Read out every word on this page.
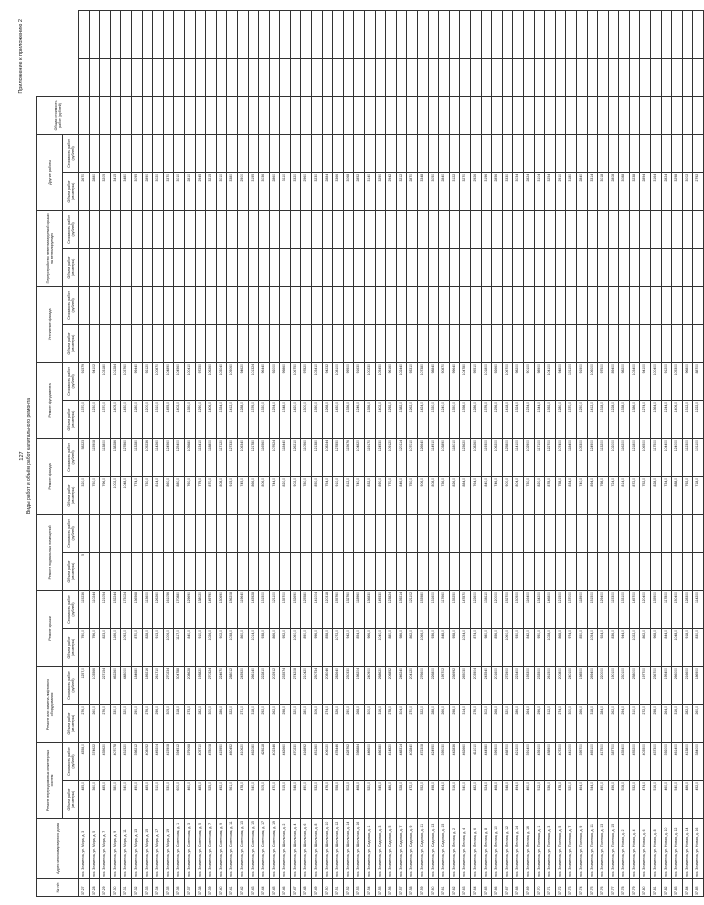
Приложение к приложению 2
127 Виды работ и объём работ капитального ремонта
№ п/п	Адрес многоквартирного дома	Ремонт внутридомовых инженерных систем		Ремонт или замена лифтового оборудования		Ремонт крыши		Ремонт подвальных помещений		Ремонт фасада		Ремонт фундамента		Утепление фасада		Переустройство невентилируемой крыши на вентилируемую		Другие работы		Общая стоимость работ (рублей)			
		Объем работ (кв.метры)	Стоимость работ (рублей)	Объем работ (кв.метры)	Стоимость работ (рублей)	Объем работ (кв.метры)	Стоимость работ (рублей)	Объем работ (кв.метры)	Стоимость работ (рублей)	Объем работ (кв.метры)	Стоимость работ (рублей)	Объем работ (кв.метры)	Стоимость работ (рублей)	Объем работ (кв.метры)	Стоимость работ (рублей)	Объем работ (кв.метры)	Стоимость работ (рублей)	Объем работ (кв.метры)	Стоимость работ (рублей)				
37.27	пос. Знаменка, ул. Мира, д. 3	485,0	4358,0	276,0	1257,0	790,0	115236	5		320,0	58223	1370,0	91579					2670					
37.28	пос. Знаменка, ул. Мира, д. 5	360,0	374622	260,0	103566	796,0	110244			750,0	115908	1230,0	94102					2880					
37.29	пос. Знаменка, ул. Мира, д. 7	485,0	435620	276,0	227154	823,0	121054			796,0	113800	1370,0	103180					3205					
37.30	пос. Знаменка, ул. Мира, д. 9	580,0	407078	330,0	462260	1166,0	152244			1002,0	138286	1405,0	101284					3415					
37.31	пос. Знаменка, ул. Мира, д. 11	540,0	431520	320,0	448000	1092,0	173024			1048,0	127860	1430,0	103760					3480					
37.32	пос. Знаменка, ул. Мира, д. 13	490,0	398212	290,0	184680	870,0	136568			774,0	113280	1280,0	99440					3095					
37.33	пос. Знаменка, ул. Мира, д. 15	485,0	408052	276,0	189216	828,0	113600			730,0	105236	1200,0	92120					2890					
37.34	пос. Знаменка, ул. Мира, д. 17	510,0	449204	296,0	261710	913,0	126260			814,0	114260	1310,0	100870					3020					
37.35	пос. Знаменка, ул. Мира, д. 19	530,0	415908	305,0	270234	1006,0	161056			860,0	124560	1455,0	104890					3370					
37.36	пос. Знаменка, ул. Советская, д. 1	600,0	394512	318,0	304788	1117,0	170880			880,0	125400	1402,0	104560					3010					
37.37	пос. Знаменка, ул. Советская, д. 3	460,0	379068	273,0	208628	840,0	129690			760,0	105680	1350,0	100410					2810					
37.38	пос. Знаменка, ул. Советская, д. 5	485,0	405710	282,0	193820	910,0	138020			779,0	113410	1290,0	97250					2945					
37.39	пос. Знаменка, ул. Советская, д. 7	525,0	478008	300,0	270324	1026,0	149790			870,0	118800	1406,0	106260					3215					
37.40	пос. Знаменка, ул. Советская, д. 9	492,0	415950	286,0	224670	902,0	130690			808,0	117120	1334,0	103040					3010					
37.41	пос. Знаменка, ул. Советская, д. 11	561,0	460452	322,0	288012	1038,0	156208			915,0	127330	1412,0	109060					3380					
37.42	пос. Знаменка, ул. Советская, д. 13	478,0	410620	271,0	243920	860,0	119640			745,0	106340	1288,0	94620					2900					
37.43	пос. Знаменка, ул. Советская, д. 15	540,0	462080	318,0	266140	1014,0	143928			866,0	121780	1376,0	101324					3195					
37.44	пос. Знаменка, ул. Советская, д. 17	505,0	428118	292,0	222810	938,0	131500			806,0	116560	1330,0	96440					3036					
37.45	пос. Знаменка, ул. Советская, д. 19	470,0	402346	262,0	202912	866,0	121100			744,0	107624	1254,0	92000					2860					
37.46	пос. Знаменка, ул. Школьная, д. 2	515,0	442660	298,0	233574	952,0	135700			820,0	118440	1348,0	99860					3110					
37.47	пос. Знаменка, ул. Школьная, д. 4	548,0	470230	320,0	274208	1060,0	152690			902,0	126210	1420,0	106750					3320					
37.48	пос. Знаменка, ул. Школьная, д. 6	490,0	416892	280,0	210420	890,0	125580			780,0	110560	1300,0	97820					2960					
37.49	пос. Знаменка, ул. Школьная, д. 8	532,0	451260	306,0	250734	996,0	141004			850,0	121380	1390,0	103410					3230					
37.50	пос. Знаменка, ул. Школьная, д. 10	476,0	406020	274,0	208046	858,0	120318			754,0	108244	1268,0	94232					2884					
37.51	пос. Знаменка, ул. Школьная, д. 12	558,0	478446	326,0	282640	1072,0	155760			910,0	127850	1430,0	108100					3366					
37.52	пос. Знаменка, ул. Школьная, д. 14	502,0	428762	290,0	230330	942,0	132760			812,0	115676	1336,0	99500					3068					
37.53	пос. Знаменка, ул. Школьная, д. 16	468,0	398884	268,0	198204	854,0	118960			740,0	104820	1246,0	91630					2852					
37.54	пос. Знаменка, ул. Садовая, д. 1	520,0	446600	300,0	240900	966,0	136830			832,0	119170	1356,0	100230					3140					
37.55	пос. Знаменка, ул. Садовая, д. 3	545,0	466380	316,0	268620	1040,0	149330			890,0	124530	1402,0	105450					3290					
37.56	пос. Знаменка, ул. Садовая, д. 5	486,0	414820	278,0	206852	880,0	123824			770,0	109120	1292,0	96160					2942					
37.57	пос. Знаменка, ул. Садовая, д. 7	528,0	448314	304,0	246240	986,0	139214			846,0	120114	1382,0	102440					3212					
37.58	пос. Знаменка, ул. Садовая, д. 9	472,0	402840	270,0	204120	862,0	121102			750,0	107010	1262,0	93310					2870					
37.59	пос. Знаменка, ул. Садовая, д. 11	552,0	472308	322,0	276600	1066,0	153980			906,0	126640	1424,0	107380					3348					
37.60	пос. Знаменка, ул. Садовая, д. 13	498,0	424950	288,0	226800	936,0	131600			808,0	114910	1330,0	98840					3050					
37.61	пос. Знаменка, ул. Садовая, д. 15	464,0	395030	266,0	195702	848,0	117660			736,0	103890	1240,0	90870					2840					
37.62	пос. Знаменка, ул. Лесная, д. 2	516,0	442836	298,0	236992	958,0	135250			826,0	118010	1350,0	99640					3122					
37.63	пос. Знаменка, ул. Лесная, д. 4	540,0	462660	314,0	265030	1034,0	147870			884,0	123620	1398,0	104780					3270					
37.64	пос. Знаменка, ул. Лесная, д. 6	482,0	411010	276,0	203904	874,0	122600			764,0	108260	1286,0	95510					2926					
37.65	пос. Знаменка, ул. Лесная, д. 8	524,0	444580	302,0	243540	980,0	138110			840,0	119300	1376,0	101800					3196					
37.66	пос. Знаменка, ул. Лесная, д. 10	468,0	399300	268,0	201600	856,0	120000			746,0	106200	1256,0	92660					2856					
37.67	пос. Знаменка, ул. Лесная, д. 12	548,0	468700	320,0	272900	1060,0	152700			900,0	125800	1418,0	106700					3330					
37.68	пос. Знаменка, ул. Лесная, д. 14	494,0	421200	286,0	223400	930,0	130500			804,0	114100	1324,0	98200					3034					
37.69	пос. Знаменка, ул. Лесная, д. 16	460,0	391400	264,0	193300	842,0	116400			730,0	102900	1234,0	90100					2824					
37.70	пос. Знаменка, ул. Полевая, д. 1	512,0	439100	296,0	233500	950,0	134200			820,0	117100	1344,0	98900					3104					
37.71	пос. Знаменка, ул. Полевая, д. 3	536,0	458900	312,0	261500	1028,0	146800			878,0	122700	1392,0	104100					3254					
37.72	пос. Знаменка, ул. Полевая, д. 5	478,0	407200	274,0	200800	868,0	121500			758,0	107400	1280,0	94800					2910					
37.73	пос. Знаменка, ул. Полевая, д. 7	520,0	441000	300,0	240100	974,0	137000			834,0	118400	1370,0	101100					3180					
37.74	пос. Знаменка, ул. Полевая, д. 9	464,0	395700	266,0	198500	850,0	118900			740,0	105300	1250,0	91900					2840					
37.75	пос. Знаменка, ул. Полевая, д. 11	544,0	465100	318,0	269400	1054,0	151500			894,0	124900	1412,0	106000					3314					
37.76	пос. Знаменка, ул. Полевая, д. 13	490,0	417500	284,0	220000	924,0	129400			798,0	113200	1318,0	97500					3018					
37.77	пос. Знаменка, ул. Полевая, д. 15	456,0	387700	262,0	190100	836,0	115300			724,0	102000	1228,0	89400					2808					
37.78	пос. Знаменка, ул. Новая, д. 2	508,0	435400	294,0	230100	944,0	133100			814,0	116200	1338,0	98200					3088					
37.79	пос. Знаменка, ул. Новая, д. 4	532,0	455200	310,0	258000	1022,0	145700			872,0	121800	1386,0	103400					3238					
37.80	пос. Знаменка, ул. Новая, д. 6	474,0	403500	272,0	197700	862,0	120400			752,0	106500	1274,0	94100					2894					
37.81	пос. Знаменка, ул. Новая, д. 8	516,0	437300	298,0	236700	968,0	135900			828,0	117500	1364,0	100400					3164					
37.82	пос. Знаменка, ул. Новая, д. 10	460,0	392000	264,0	195400	844,0	117800			734,0	104400	1244,0	91200					2824					
37.83	пос. Знаменка, ул. Новая, д. 12	540,0	461400	316,0	266000	1048,0	150400			888,0	124000	1406,0	105300					3298					
37.84	пос. Знаменка, ул. Новая, д. 14	486,0	413800	282,0	216600	918,0	128300			792,0	112300	1312,0	96800					3002					
37.85	пос. Знаменка, ул. Новая, д. 16	452,0	384000	260,0	186900	830,0	114200			718,0	101100	1222,0	88700					2792					
